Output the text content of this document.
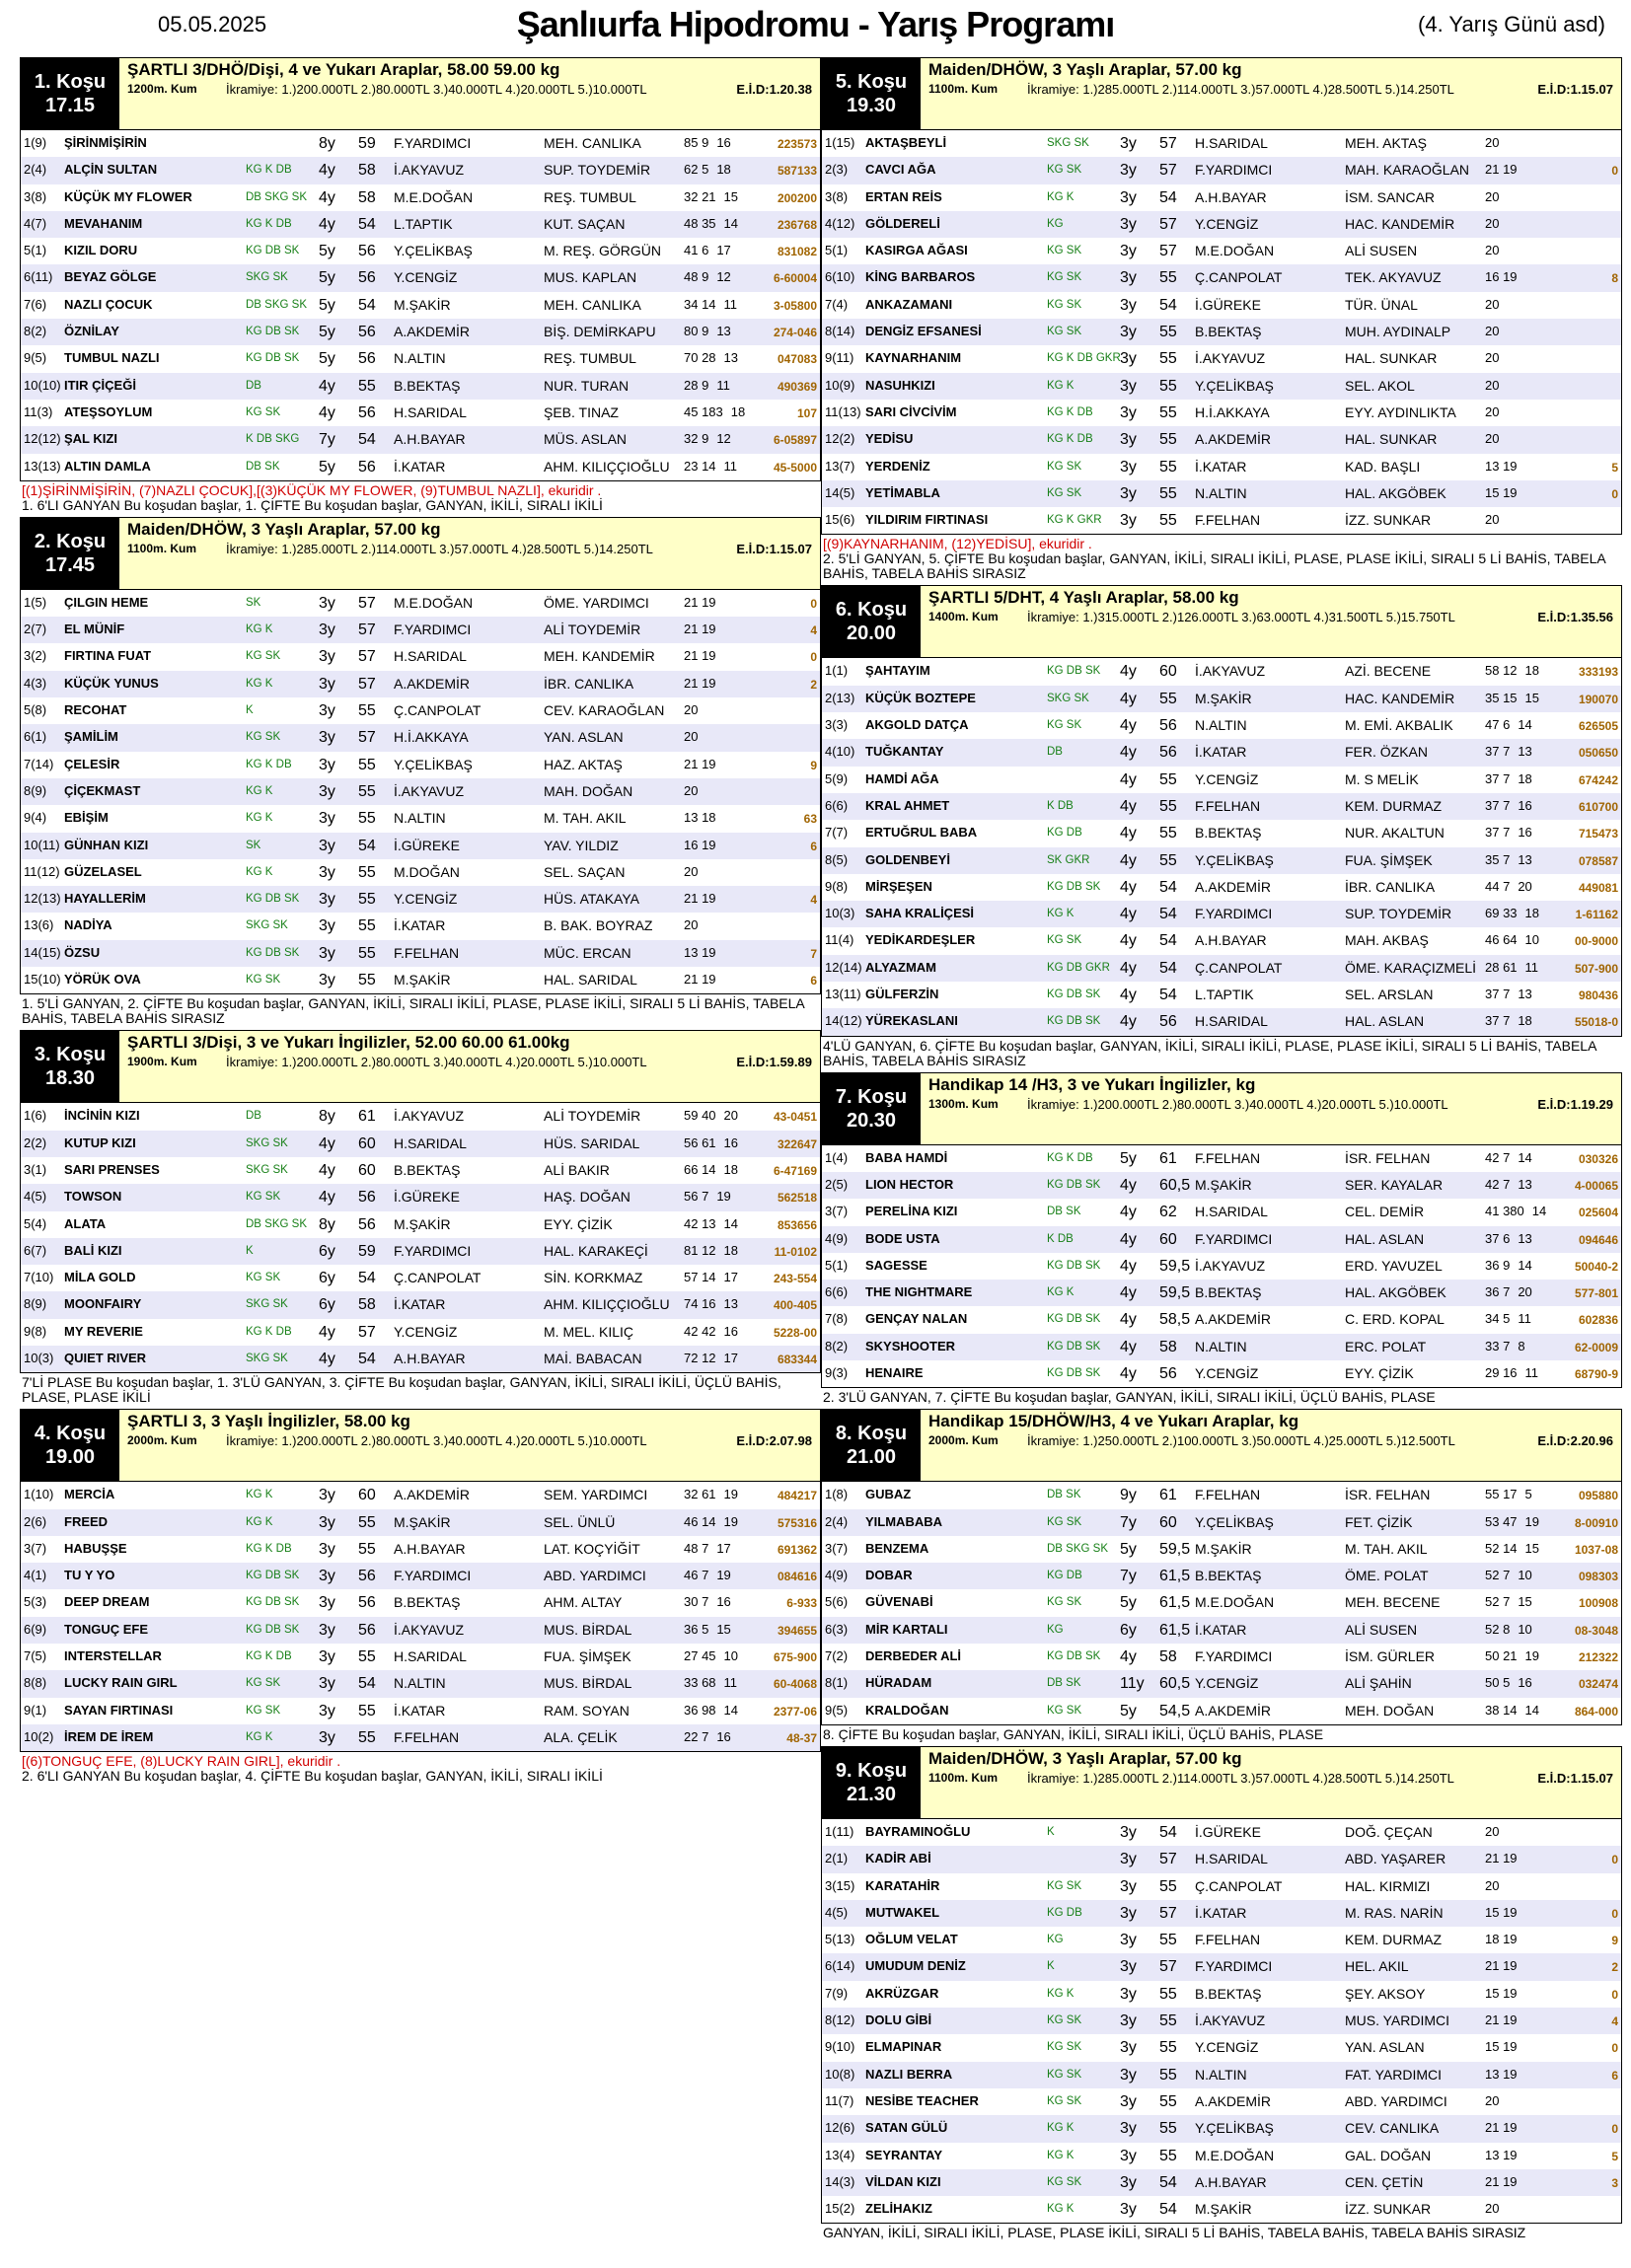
05.05.2025	Şanlıurfa Hipodromu - Yarış Programı	(4. Yarış Günü asd)
1. Koşu
17.15
ŞARTLI 3/DHÖ/Dişi, 4 ve Yukarı Araplar, 58.00 59.00 kg
1200m. Kum İkramiye: 1.)200.000TL 2.)80.000TL 3.)40.000TL 4.)20.000TL 5.)10.000TL	E.İ.D:1.20.38
1(9) ŞİRİNMİŞİRİN	8y 59 F.YARDIMCI	MEH. CANLIKA	85 9 16	223573
2(4) ALÇİN SULTAN	KG K DB 4y 58 İ.AKYAVUZ	SUP. TOYDEMİR	62 5 18	587133
3(8) KÜÇÜK MY FLOWER	DB SKG SK 4y 58 M.E.DOĞAN	REŞ. TUMBUL	32 21 15	200200
4(7) MEVAHANIM	KG K DB 4y 54 L.TAPTIK	KUT. SAÇAN	48 35 14	236768
5(1) KIZIL DORU	KG DB SK 5y 56 Y.ÇELİKBAŞ	M. REŞ. GÖRGÜN 41 6 17	831082
6(11) BEYAZ GÖLGE	SKG SK 5y 56 Y.CENGİZ	MUS. KAPLAN	48 9 12	6-60004
7(6) NAZLI ÇOCUK	DB SKG SK 5y 54 M.ŞAKİR	MEH. CANLIKA	34 14 11	3-05800
8(2) ÖZNİLAY	KG DB SK 5y 56 A.AKDEMİR	BİŞ. DEMİRKAPU 80 9 13	274-046
9(5) TUMBUL NAZLI	KG DB SK 5y 56 N.ALTIN	REŞ. TUMBUL	70 28 13	047083
10(10) ITIR ÇİÇEĞİ	DB	4y 55 B.BEKTAŞ	NUR. TURAN	28 9 11	490369
11(3) ATEŞSOYLUM	KG SK 4y 56 H.SARIDAL	ŞEB. TINAZ	45 183 18	107
12(12) ŞAL KIZI	K DB SKG 7y 54 A.H.BAYAR	MÜS. ASLAN	32 9 12	6-05897
13(13) ALTIN DAMLA	DB SK 5y 56 İ.KATAR	AHM. KILIÇÇIOĞLU 23 14 11	45-5000
[(1)ŞİRİNMİŞİRİN, (7)NAZLI ÇOCUK],[(3)KÜÇÜK MY FLOWER, (9)TUMBUL NAZLI], ekuridir .
1. 6'LI GANYAN Bu koşudan başlar, 1. ÇİFTE Bu koşudan başlar, GANYAN, İKİLİ, SIRALI İKİLİ
2. Koşu
17.45
Maiden/DHÖW, 3 Yaşlı Araplar, 57.00 kg
1100m. Kum İkramiye: 1.)285.000TL 2.)114.000TL 3.)57.000TL 4.)28.500TL 5.)14.250TL	E.İ.D:1.15.07
1(5) ÇILGIN HEME	SK	3y 57 M.E.DOĞAN	ÖME. YARDIMCI	21 19	0
2(7) EL MÜNİF	KG K	3y 57 F.YARDIMCI	ALİ TOYDEMİR	21 19	4
3(2) FIRTINA FUAT	KG SK 3y 57 H.SARIDAL	MEH. KANDEMİR 21 19	0
4(3) KÜÇÜK YUNUS	KG K	3y 57 A.AKDEMİR	İBR. CANLIKA	21 19	2
5(8) RECOHAT	K	3y 55 Ç.CANPOLAT	CEV. KARAOĞLAN 20
6(1) ŞAMİLİM	KG SK 3y 57 H.İ.AKKAYA	YAN. ASLAN	20
7(14) ÇELESİR	KG K DB 3y 55 Y.ÇELİKBAŞ	HAZ. AKTAŞ	21 19	9
8(9) ÇİÇEKMAST	KG K	3y 55 İ.AKYAVUZ	MAH. DOĞAN	20
9(4) EBİŞİM	KG K	3y 55 N.ALTIN	M. TAH. AKIL	13 18	63
10(11) GÜNHAN KIZI	SK	3y 54 İ.GÜREKE	YAV. YILDIZ	16 19	6
11(12) GÜZELASEL	KG K	3y 55 M.DOĞAN	SEL. SAÇAN	20
12(13) HAYALLERİM	KG DB SK 3y 55 Y.CENGİZ	HÜS. ATAKAYA	21 19	4
13(6) NADİYA	SKG SK 3y 55 İ.KATAR	B. BAK. BOYRAZ 20
14(15) ÖZSU	KG DB SK 3y 55 F.FELHAN	MÜC. ERCAN	13 19	7
15(10) YÖRÜK OVA	KG SK 3y 55 M.ŞAKİR	HAL. SARIDAL	21 19	6
1. 5'Lİ GANYAN, 2. ÇİFTE Bu koşudan başlar, GANYAN, İKİLİ, SIRALI İKİLİ, PLASE, PLASE İKİLİ, SIRALI 5 Lİ BAHİS, TABELA BAHİS, TABELA BAHİS SIRASIZ
3. Koşu
18.30
ŞARTLI 3/Dişi, 3 ve Yukarı İngilizler, 52.00 60.00 61.00kg
1900m. Kum İkramiye: 1.)200.000TL 2.)80.000TL 3.)40.000TL 4.)20.000TL 5.)10.000TL	E.İ.D:1.59.89
1(6) İNCİNİN KIZI	DB	8y 61 İ.AKYAVUZ	ALİ TOYDEMİR	59 40 20	43-0451
2(2) KUTUP KIZI	SKG SK 4y 60 H.SARIDAL	HÜS. SARIDAL	56 61 16	322647
3(1) SARI PRENSES	SKG SK 4y 60 B.BEKTAŞ	ALİ BAKIR	66 14 18	6-47169
4(5) TOWSON	KG SK 4y 56 İ.GÜREKE	HAŞ. DOĞAN	56 7 19	562518
5(4) ALATA	DB SKG SK 8y 56 M.ŞAKİR	EYY. ÇİZİK	42 13 14	853656
6(7) BALİ KIZI	K	6y 59 F.YARDIMCI	HAL. KARAKEÇİ	81 12 18	11-0102
7(10) MİLA GOLD	KG SK 6y 54 Ç.CANPOLAT	SİN. KORKMAZ	57 14 17	243-554
8(9) MOONFAIRY	SKG SK 6y 58 İ.KATAR	AHM. KILIÇÇIOĞLU 74 16 13	400-405
9(8) MY REVERIE	KG K DB 4y 57 Y.CENGİZ	M. MEL. KILIÇ	42 42 16	5228-00
10(3) QUIET RIVER	SKG SK 4y 54 A.H.BAYAR	MAİ. BABACAN	72 12 17	683344
7'Lİ PLASE Bu koşudan başlar, 1. 3'LÜ GANYAN, 3. ÇİFTE Bu koşudan başlar, GANYAN, İKİLİ, SIRALI İKİLİ, ÜÇLÜ BAHİS, PLASE, PLASE İKİLİ
4. Koşu
19.00
ŞARTLI 3, 3 Yaşlı İngilizler, 58.00 kg
2000m. Kum İkramiye: 1.)200.000TL 2.)80.000TL 3.)40.000TL 4.)20.000TL 5.)10.000TL	E.İ.D:2.07.98
1(10) MERCİA	KG K	3y 60 A.AKDEMİR	SEM. YARDIMCI	32 61 19	484217
2(6) FREED	KG K	3y 55 M.ŞAKİR	SEL. ÜNLÜ	46 14 19	575316
3(7) HABUŞŞE	KG K DB 3y 55 A.H.BAYAR	LAT. KOÇYİĞİT	48 7 17	691362
4(1) TU Y YO	KG DB SK 3y 56 F.YARDIMCI	ABD. YARDIMCI	46 7 19	084616
5(3) DEEP DREAM	KG DB SK 3y 56 B.BEKTAŞ	AHM. ALTAY	30 7 16	6-933
6(9) TONGUÇ EFE	KG DB SK 3y 56 İ.AKYAVUZ	MUS. BİRDAL	36 5 15	394655
7(5) INTERSTELLAR	KG K DB 3y 55 H.SARIDAL	FUA. ŞİMŞEK	27 45 10	675-900
8(8) LUCKY RAIN GIRL	KG SK 3y 54 N.ALTIN	MUS. BİRDAL	33 68 11	60-4068
9(1) SAYAN FIRTINASI	KG SK 3y 55 İ.KATAR	RAM. SOYAN	36 98 14	2377-06
10(2) İREM DE İREM	KG K	3y 55 F.FELHAN	ALA. ÇELİK	22 7 16	48-37
[(6)TONGUÇ EFE, (8)LUCKY RAIN GIRL], ekuridir .
2. 6'LI GANYAN Bu koşudan başlar, 4. ÇİFTE Bu koşudan başlar, GANYAN, İKİLİ, SIRALI İKİLİ
5. Koşu
19.30
Maiden/DHÖW, 3 Yaşlı Araplar, 57.00 kg
1100m. Kum İkramiye: 1.)285.000TL 2.)114.000TL 3.)57.000TL 4.)28.500TL 5.)14.250TL	E.İ.D:1.15.07
1(15) AKTAŞBEYLİ	SKG SK 3y 57 H.SARIDAL	MEH. AKTAŞ	20
2(3) CAVCI AĞA	KG SK 3y 57 F.YARDIMCI	MAH. KARAOĞLAN 21 19	0
3(8) ERTAN REİS	KG K	3y 54 A.H.BAYAR	İSM. SANCAR	20
4(12) GÖLDERELİ	KG	3y 57 Y.CENGİZ	HAC. KANDEMİR 20
5(1) KASIRGA AĞASI	KG SK 3y 57 M.E.DOĞAN	ALİ SUSEN	20
6(10) KİNG BARBAROS	KG SK 3y 55 Ç.CANPOLAT	TEK. AKYAVUZ	16 19	8
7(4) ANKAZAMANI	KG SK 3y 54 İ.GÜREKE	TÜR. ÜNAL	20
8(14) DENGİZ EFSANESİ	KG SK 3y 55 B.BEKTAŞ	MUH. AYDINALP	20
9(11) KAYNARHANIM	KG K DB GKR 3y 55 İ.AKYAVUZ	HAL. SUNKAR	20
10(9) NASUHKIZI	KG K	3y 55 Y.ÇELİKBAŞ	SEL. AKOL	20
11(13) SARI CİVCİVİM	KG K DB 3y 55 H.İ.AKKAYA	EYY. AYDINLIKTA 20
12(2) YEDİSU	KG K DB 3y 55 A.AKDEMİR	HAL. SUNKAR	20
13(7) YERDENİZ	KG SK 3y 55 İ.KATAR	KAD. BAŞLI	13 19	5
14(5) YETİMABLA	KG SK 3y 55 N.ALTIN	HAL. AKGÖBEK	15 19	0
15(6) YILDIRIM FIRTINASI	KG K GKR 3y 55 F.FELHAN	İZZ. SUNKAR	20
[(9)KAYNARHANIM, (12)YEDİSU], ekuridir .
2. 5'Lİ GANYAN, 5. ÇİFTE Bu koşudan başlar, GANYAN, İKİLİ, SIRALI İKİLİ, PLASE, PLASE İKİLİ, SIRALI 5 Lİ BAHİS, TABELA BAHİS, TABELA BAHİS SIRASIZ
6. Koşu
20.00
ŞARTLI 5/DHT, 4 Yaşlı Araplar, 58.00 kg
1400m. Kum İkramiye: 1.)315.000TL 2.)126.000TL 3.)63.000TL 4.)31.500TL 5.)15.750TL	E.İ.D:1.35.56
1(1) ŞAHTAYIM	KG DB SK 4y 60 İ.AKYAVUZ	AZİ. BECENE	58 12 18	333193
2(13) KÜÇÜK BOZTEPE	SKG SK 4y 55 M.ŞAKİR	HAC. KANDEMİR 35 15 15	190070
3(3) AKGOLD DATÇA	KG SK 4y 56 N.ALTIN	M. EMİ. AKBALIK 47 6 14	626505
4(10) TUĞKANTAY	DB	4y 56 İ.KATAR	FER. ÖZKAN	37 7 13	050650
5(9) HAMDİ AĞA	4y 55 Y.CENGİZ	M. S MELİK	37 7 18	674242
6(6) KRAL AHMET	K DB	4y 55 F.FELHAN	KEM. DURMAZ	37 7 16	610700
7(7) ERTUĞRUL BABA	KG DB 4y 55 B.BEKTAŞ	NUR. AKALTUN	37 7 16	715473
8(5) GOLDENBEYİ	SK GKR 4y 55 Y.ÇELİKBAŞ	FUA. ŞİMŞEK	35 7 13	078587
9(8) MİRŞEŞEN	KG DB SK 4y 54 A.AKDEMİR	İBR. CANLIKA	44 7 20	449081
10(3) SAHA KRALİÇESİ	KG K	4y 54 F.YARDIMCI	SUP. TOYDEMİR	69 33 18	1-61162
11(4) YEDİKARDEŞLER	KG SK 4y 54 A.H.BAYAR	MAH. AKBAŞ	46 64 10	00-9000
12(14) ALYAZMAM	KG DB GKR 4y 54 Ç.CANPOLAT	ÖME. KARAÇIZMELİ 28 61 11	507-900
13(11) GÜLFERZİN	KG DB SK 4y 54 L.TAPTIK	SEL. ARSLAN	37 7 13	980436
14(12) YÜREKASLANI	KG DB SK 4y 56 H.SARIDAL	HAL. ASLAN	37 7 18	55018-0
4'LÜ GANYAN, 6. ÇİFTE Bu koşudan başlar, GANYAN, İKİLİ, SIRALI İKİLİ, PLASE, PLASE İKİLİ, SIRALI 5 Lİ BAHİS, TABELA BAHİS, TABELA BAHİS SIRASIZ
7. Koşu
20.30
Handikap 14 /H3, 3 ve Yukarı İngilizler, kg
1300m. Kum İkramiye: 1.)200.000TL 2.)80.000TL 3.)40.000TL 4.)20.000TL 5.)10.000TL	E.İ.D:1.19.29
1(4) BABA HAMDİ	KG K DB 5y 61 F.FELHAN	İSR. FELHAN	42 7 14	030326
2(5) LION HECTOR	KG DB SK 4y 60,5 M.ŞAKİR	SER. KAYALAR	42 7 13	4-00065
3(7) PERELİNA KIZI	DB SK 4y 62 H.SARIDAL	CEL. DEMİR	41 380 14	025604
4(9) BODE USTA	K DB	4y 60 F.YARDIMCI	HAL. ASLAN	37 6 13	094646
5(1) SAGESSE	KG DB SK 4y 59,5 İ.AKYAVUZ	ERD. YAVUZEL	36 9 14	50040-2
6(6) THE NIGHTMARE	KG K	4y 59,5 B.BEKTAŞ	HAL. AKGÖBEK	36 7 20	577-801
7(8) GENÇAY NALAN	KG DB SK 4y 58,5 A.AKDEMİR	C. ERD. KOPAL	34 5 11	602836
8(2) SKYSHOOTER	KG DB SK 4y 58 N.ALTIN	ERC. POLAT	33 7 8	62-0009
9(3) HENAIRE	KG DB SK 4y 56 Y.CENGİZ	EYY. ÇİZİK	29 16 11	68790-9
2. 3'LÜ GANYAN, 7. ÇİFTE Bu koşudan başlar, GANYAN, İKİLİ, SIRALI İKİLİ, ÜÇLÜ BAHİS, PLASE
8. Koşu
21.00
Handikap 15/DHÖW/H3, 4 ve Yukarı Araplar, kg
2000m. Kum İkramiye: 1.)250.000TL 2.)100.000TL 3.)50.000TL 4.)25.000TL 5.)12.500TL	E.İ.D:2.20.96
1(8) GUBAZ	DB SK 9y 61 F.FELHAN	İSR. FELHAN	55 17 5	095880
2(4) YILMABABA	KG SK 7y 60 Y.ÇELİKBAŞ	FET. ÇİZİK	53 47 19	8-00910
3(7) BENZEMA	DB SKG SK 5y 59,5 M.ŞAKİR	M. TAH. AKIL	52 14 15	1037-08
4(9) DOBAR	KG DB 7y 61,5 B.BEKTAŞ	ÖME. POLAT	52 7 10	098303
5(6) GÜVENABİ	KG SK 5y 61,5 M.E.DOĞAN	MEH. BECENE	52 7 15	100908
6(3) MİR KARTALI	KG	6y 61,5 İ.KATAR	ALİ SUSEN	52 8 10	08-3048
7(2) DERBEDER ALİ	KG DB SK 4y 58 F.YARDIMCI	İSM. GÜRLER	50 21 19	212322
8(1) HÜRADAM	DB SK 11y 60,5 Y.CENGİZ	ALİ ŞAHİN	50 5 16	032474
9(5) KRALDOĞAN	KG SK 5y 54,5 A.AKDEMİR	MEH. DOĞAN	38 14 14	864-000
8. ÇİFTE Bu koşudan başlar, GANYAN, İKİLİ, SIRALI İKİLİ, ÜÇLÜ BAHİS, PLASE
9. Koşu
21.30
Maiden/DHÖW, 3 Yaşlı Araplar, 57.00 kg
1100m. Kum İkramiye: 1.)285.000TL 2.)114.000TL 3.)57.000TL 4.)28.500TL 5.)14.250TL	E.İ.D:1.15.07
1(11) BAYRAMINOĞLU	K	3y 54 İ.GÜREKE	DOĞ. ÇEÇAN	20
2(1) KADİR ABİ	3y 57 H.SARIDAL	ABD. YAŞARER	21 19	0
3(15) KARATAHİR	KG SK 3y 55 Ç.CANPOLAT	HAL. KIRMIZI	20
4(5) MUTWAKEL	KG DB 3y 57 İ.KATAR	M. RAS. NARİN	15 19	0
5(13) OĞLUM VELAT	KG	3y 55 F.FELHAN	KEM. DURMAZ	18 19	9
6(14) UMUDUM DENİZ	K	3y 57 F.YARDIMCI	HEL. AKIL	21 19	2
7(9) AKRÜZGAR	KG K	3y 55 B.BEKTAŞ	ŞEY. AKSOY	15 19	0
8(12) DOLU GİBİ	KG SK 3y 55 İ.AKYAVUZ	MUS. YARDIMCI	21 19	4
9(10) ELMAPINAR	KG SK 3y 55 Y.CENGİZ	YAN. ASLAN	15 19	0
10(8) NAZLI BERRA	KG SK 3y 55 N.ALTIN	FAT. YARDIMCI	13 19	6
11(7) NESİBE TEACHER	KG SK 3y 55 A.AKDEMİR	ABD. YARDIMCI	20
12(6) SATAN GÜLÜ	KG K	3y 55 Y.ÇELİKBAŞ	CEV. CANLIKA	21 19	0
13(4) SEYRANTAY	KG K	3y 55 M.E.DOĞAN	GAL. DOĞAN	13 19	5
14(3) VİLDAN KIZI	KG SK 3y 54 A.H.BAYAR	CEN. ÇETİN	21 19	3
15(2) ZELİHAKIZ	KG K	3y 54 M.ŞAKİR	İZZ. SUNKAR	20
GANYAN, İKİLİ, SIRALI İKİLİ, PLASE, PLASE İKİLİ, SIRALI 5 Lİ BAHİS, TABELA BAHİS, TABELA BAHİS SIRASIZ
